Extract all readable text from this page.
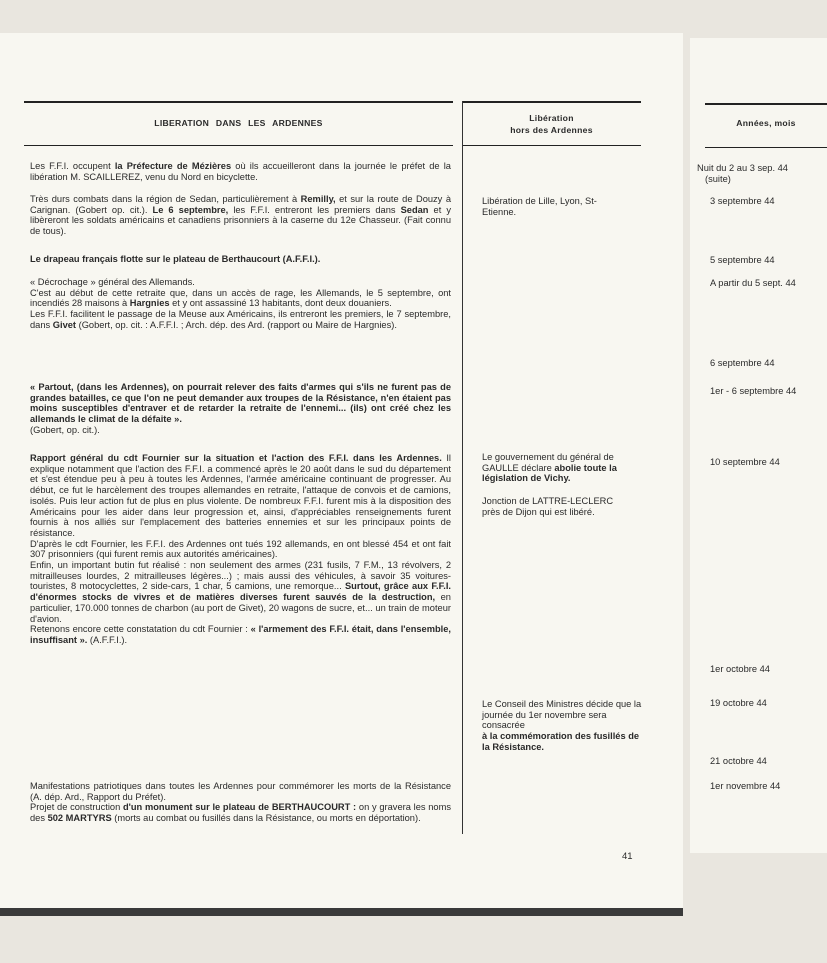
LIBERATION DANS LES ARDENNES	Libération
hors des Ardennes
Années, mois
Les F.F.I. occupent la Préfecture de Mézières où ils accueilleront dans la journée le préfet de la libération M. SCAILLEREZ, venu du Nord en bicyclette.
Très durs combats dans la région de Sedan, particulièrement à Remilly, et sur la route de Douzy à Carignan. (Gobert op. cit.). Le 6 septembre, les F.F.I. entreront les premiers dans Sedan et y libèreront les soldats américains et canadiens prisonniers à la caserne du 12e Chasseur. (Fait connu de tous).
Le drapeau français flotte sur le plateau de Berthaucourt (A.F.F.I.).

« Décrochage » général des Allemands.

C'est au début de cette retraite que, dans un accès de rage, les Allemands, le 5 septembre, ont incendiés 28 maisons à Hargnies et y ont assassiné 13 habitants, dont deux douaniers.

Les F.F.I. facilitent le passage de la Meuse aux Américains, ils entreront les premiers, le 7 septembre, dans Givet (Gobert, op. cit. : A.F.F.I. ; Arch. dép. des Ard. (rapport ou Maire de Hargnies).

« Partout, (dans les Ardennes), on pourrait relever des faits d'armes qui s'ils ne furent pas de grandes batailles, ce que l'on ne peut demander aux troupes de la Résistance, n'en étaient pas moins susceptibles d'entraver et de retarder la retraite de l'ennemi... (ils) ont créé chez les allemands le climat de la défaite ».

(Gobert, op. cit.).

Rapport général du cdt Fournier sur la situation et l'action des F.F.I. dans les Ardennes. Il explique notamment que l'action des F.F.I. a commencé après le 20 août dans le sud du département et s'est étendue peu à peu à toutes les Ardennes, l'armée américaine continuant de progresser. Au début, ce fut le harcèlement des troupes allemandes en retraite, l'attaque de convois et de camions, isolés. Puis leur action fut de plus en plus violente. De nombreux F.F.I. furent mis à la disposition des Américains pour les aider dans leur progression et, ainsi, d'appréciables renseignements furent fournis à nos alliés sur l'emplacement des batteries ennemies et sur les principaux points de résistance.

D'après le cdt Fournier, les F.F.I. des Ardennes ont tués 192 allemands, en ont blessé 454 et ont fait 307 prisonniers (qui furent remis aux autorités américaines).

Enfin, un important butin fut réalisé : non seulement des armes (231 fusils, 7 F.M., 13 révolvers, 2 mitrailleuses lourdes, 2 mitrailleuses légères...) ; mais aussi des véhicules, à savoir 35 voitures-touristes, 8 motocyclettes, 2 side-cars, 1 char, 5 camions, une remorque... Surtout, grâce aux F.F.I. d'énormes stocks de vivres et de matières diverses furent sauvés de la destruction, en particulier, 170.000 tonnes de charbon (au port de Givet), 20 wagons de sucre, et... un train de moteur d'avion.

Retenons encore cette constatation du cdt Fournier : « l'armement des F.F.I. était, dans l'ensemble, insuffisant ». (A.F.F.I.).

Manifestations patriotiques dans toutes les Ardennes pour commémorer les morts de la Résistance (A. dép. Ard., Rapport du Préfet).

Projet de construction d'un monument sur le plateau de BERTHAUCOURT : on y gravera les noms des 502 MARTYRS (morts au combat ou fusillés dans la Résistance, ou morts en déportation).

Libération de Lille, Lyon, St-Etienne.
Le gouvernement du général de GAULLE déclare abolie toute la législation de Vichy.
Jonction de LATTRE-LECLERC près de Dijon qui est libéré.

Le Conseil des Ministres décide que la journée du 1er novembre sera consacrée

à la commémoration des fusillés de la Résistance.

Nuit du 2 au 3 sep. 44
(suite)
3 septembre 44
5 septembre 44
A partir du 5 sept. 44
6 septembre 44
1er - 6 septembre 44
10 septembre 44
1er octobre 44
19 octobre 44
21 octobre 44
1er novembre 44
41
